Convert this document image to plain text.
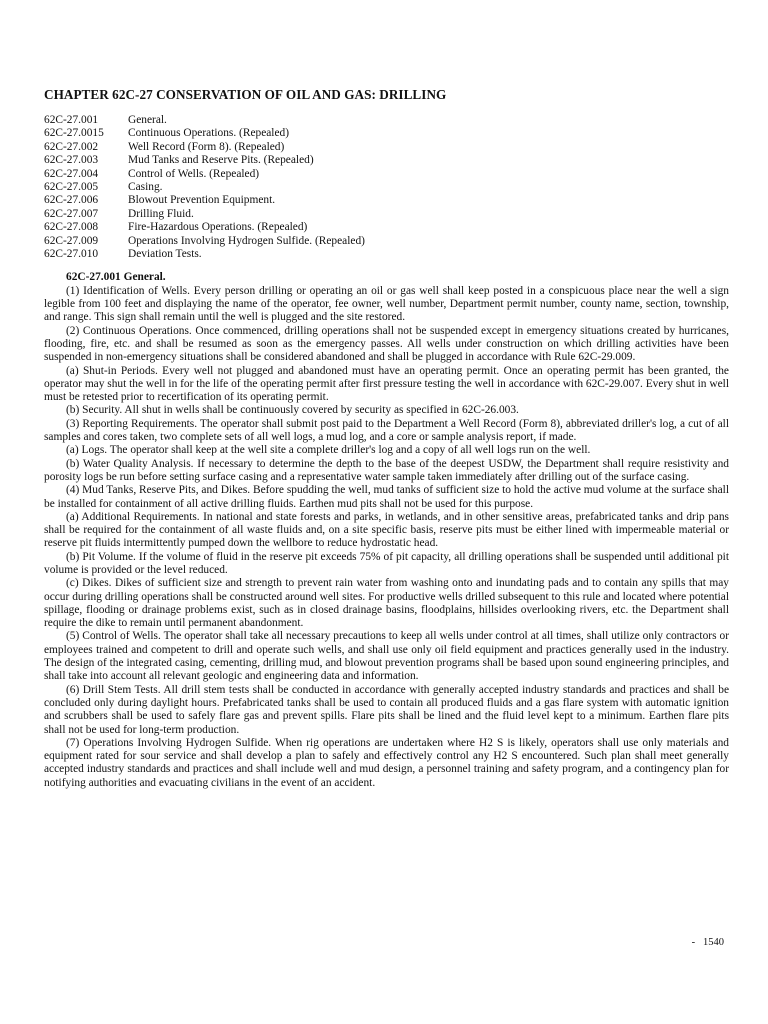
CHAPTER 62C-27 CONSERVATION OF OIL AND GAS: DRILLING
62C-27.001	General.
62C-27.0015	Continuous Operations. (Repealed)
62C-27.002	Well Record (Form 8). (Repealed)
62C-27.003	Mud Tanks and Reserve Pits. (Repealed)
62C-27.004	Control of Wells. (Repealed)
62C-27.005	Casing.
62C-27.006	Blowout Prevention Equipment.
62C-27.007	Drilling Fluid.
62C-27.008	Fire-Hazardous Operations. (Repealed)
62C-27.009	Operations Involving Hydrogen Sulfide. (Repealed)
62C-27.010	Deviation Tests.
62C-27.001 General.

(1) Identification of Wells. Every person drilling or operating an oil or gas well shall keep posted in a conspicuous place near the well a sign legible from 100 feet and displaying the name of the operator, fee owner, well number, Department permit number, county name, section, township, and range. This sign shall remain until the well is plugged and the site restored.

(2) Continuous Operations. Once commenced, drilling operations shall not be suspended except in emergency situations created by hurricanes, flooding, fire, etc. and shall be resumed as soon as the emergency passes. All wells under construction on which drilling activities have been suspended in non-emergency situations shall be considered abandoned and shall be plugged in accordance with Rule 62C-29.009.

(a) Shut-in Periods. Every well not plugged and abandoned must have an operating permit. Once an operating permit has been granted, the operator may shut the well in for the life of the operating permit after first pressure testing the well in accordance with 62C-29.007. Every shut in well must be retested prior to recertification of its operating permit.

(b) Security. All shut in wells shall be continuously covered by security as specified in 62C-26.003.

(3) Reporting Requirements. The operator shall submit post paid to the Department a Well Record (Form 8), abbreviated driller's log, a cut of all samples and cores taken, two complete sets of all well logs, a mud log, and a core or sample analysis report, if made.

(a) Logs. The operator shall keep at the well site a complete driller's log and a copy of all well logs run on the well.

(b) Water Quality Analysis. If necessary to determine the depth to the base of the deepest USDW, the Department shall require resistivity and porosity logs be run before setting surface casing and a representative water sample taken immediately after drilling out of the surface casing.

(4) Mud Tanks, Reserve Pits, and Dikes. Before spudding the well, mud tanks of sufficient size to hold the active mud volume at the surface shall be installed for containment of all active drilling fluids. Earthen mud pits shall not be used for this purpose.

(a) Additional Requirements. In national and state forests and parks, in wetlands, and in other sensitive areas, prefabricated tanks and drip pans shall be required for the containment of all waste fluids and, on a site specific basis, reserve pits must be either lined with impermeable material or reserve pit fluids intermittently pumped down the wellbore to reduce hydrostatic head.

(b) Pit Volume. If the volume of fluid in the reserve pit exceeds 75% of pit capacity, all drilling operations shall be suspended until additional pit volume is provided or the level reduced.

(c) Dikes. Dikes of sufficient size and strength to prevent rain water from washing onto and inundating pads and to contain any spills that may occur during drilling operations shall be constructed around well sites. For productive wells drilled subsequent to this rule and located where potential spillage, flooding or drainage problems exist, such as in closed drainage basins, floodplains, hillsides overlooking rivers, etc. the Department shall require the dike to remain until permanent abandonment.

(5) Control of Wells. The operator shall take all necessary precautions to keep all wells under control at all times, shall utilize only contractors or employees trained and competent to drill and operate such wells, and shall use only oil field equipment and practices generally used in the industry. The design of the integrated casing, cementing, drilling mud, and blowout prevention programs shall be based upon sound engineering principles, and shall take into account all relevant geologic and engineering data and information.

(6) Drill Stem Tests. All drill stem tests shall be conducted in accordance with generally accepted industry standards and practices and shall be concluded only during daylight hours. Prefabricated tanks shall be used to contain all produced fluids and a gas flare system with automatic ignition and scrubbers shall be used to safely flare gas and prevent spills. Flare pits shall be lined and the fluid level kept to a minimum. Earthen flare pits shall not be used for long-term production.

(7) Operations Involving Hydrogen Sulfide. When rig operations are undertaken where H2 S is likely, operators shall use only materials and equipment rated for sour service and shall develop a plan to safely and effectively control any H2 S encountered. Such plan shall meet generally accepted industry standards and practices and shall include well and mud design, a personnel training and safety program, and a contingency plan for notifying authorities and evacuating civilians in the event of an accident.

-   1540
